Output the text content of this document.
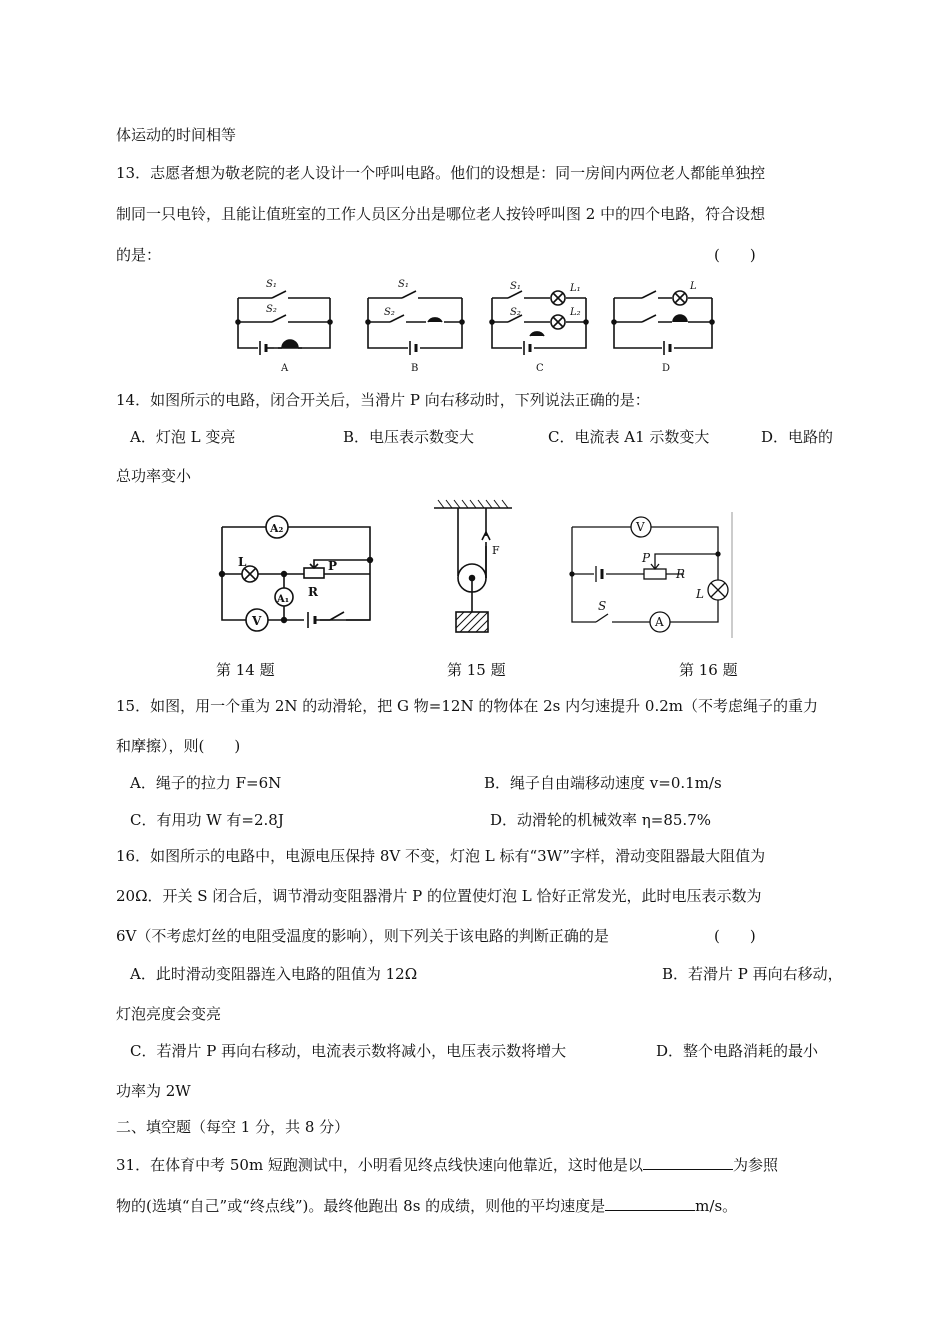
体运动的时间相等
13．志愿者想为敬老院的老人设计一个呼叫电路。他们的设想是：同一房间内两位老人都能单独控
制同一只电铃，且能让值班室的工作人员区分出是哪位老人按铃呼叫图 2 中的四个电路，符合设想
的是：	(　　)
S₁
S₂
S₁
S₂
S₁
S₂
L₁
L₂
L
A	B	C	D
14．如图所示的电路，闭合开关后，当滑片 P 向右移动时，下列说法正确的是：
A．灯泡 L 变亮	B．电压表示数变大	C．电流表 A1 示数变大	D．电路的
总功率变小
A₂
A₁
L	P
R
V
F
V
P
R
L
S
A
第 14 题	第 15 题	第 16 题
15．如图，用一个重为 2N 的动滑轮，把 G 物=12N 的物体在 2s 内匀速提升 0.2m（不考虑绳子的重力
和摩擦），则(　　)
A．绳子的拉力 F=6N	B．绳子自由端移动速度 v=0.1m/s
C．有用功 W 有=2.8J	D．动滑轮的机械效率 η=85.7%
16．如图所示的电路中，电源电压保持 8V 不变，灯泡 L 标有“3W”字样，滑动变阻器最大阻值为
20Ω．开关 S 闭合后，调节滑动变阻器滑片 P 的位置使灯泡 L 恰好正常发光，此时电压表示数为
6V（不考虑灯丝的电阻受温度的影响），则下列关于该电路的判断正确的是	(　　)
A．此时滑动变阻器连入电路的阻值为 12Ω	B．若滑片 P 再向右移动，
灯泡亮度会变亮
C．若滑片 P 再向右移动，电流表示数将减小，电压表示数将增大	D．整个电路消耗的最小
功率为 2W
二、填空题（每空 1 分，共 8 分）
31．在体育中考 50m 短跑测试中，小明看见终点线快速向他靠近，这时他是以	为参照
物的(选填“自己”或“终点线”)。最终他跑出 8s 的成绩，则他的平均速度是	m/s。
